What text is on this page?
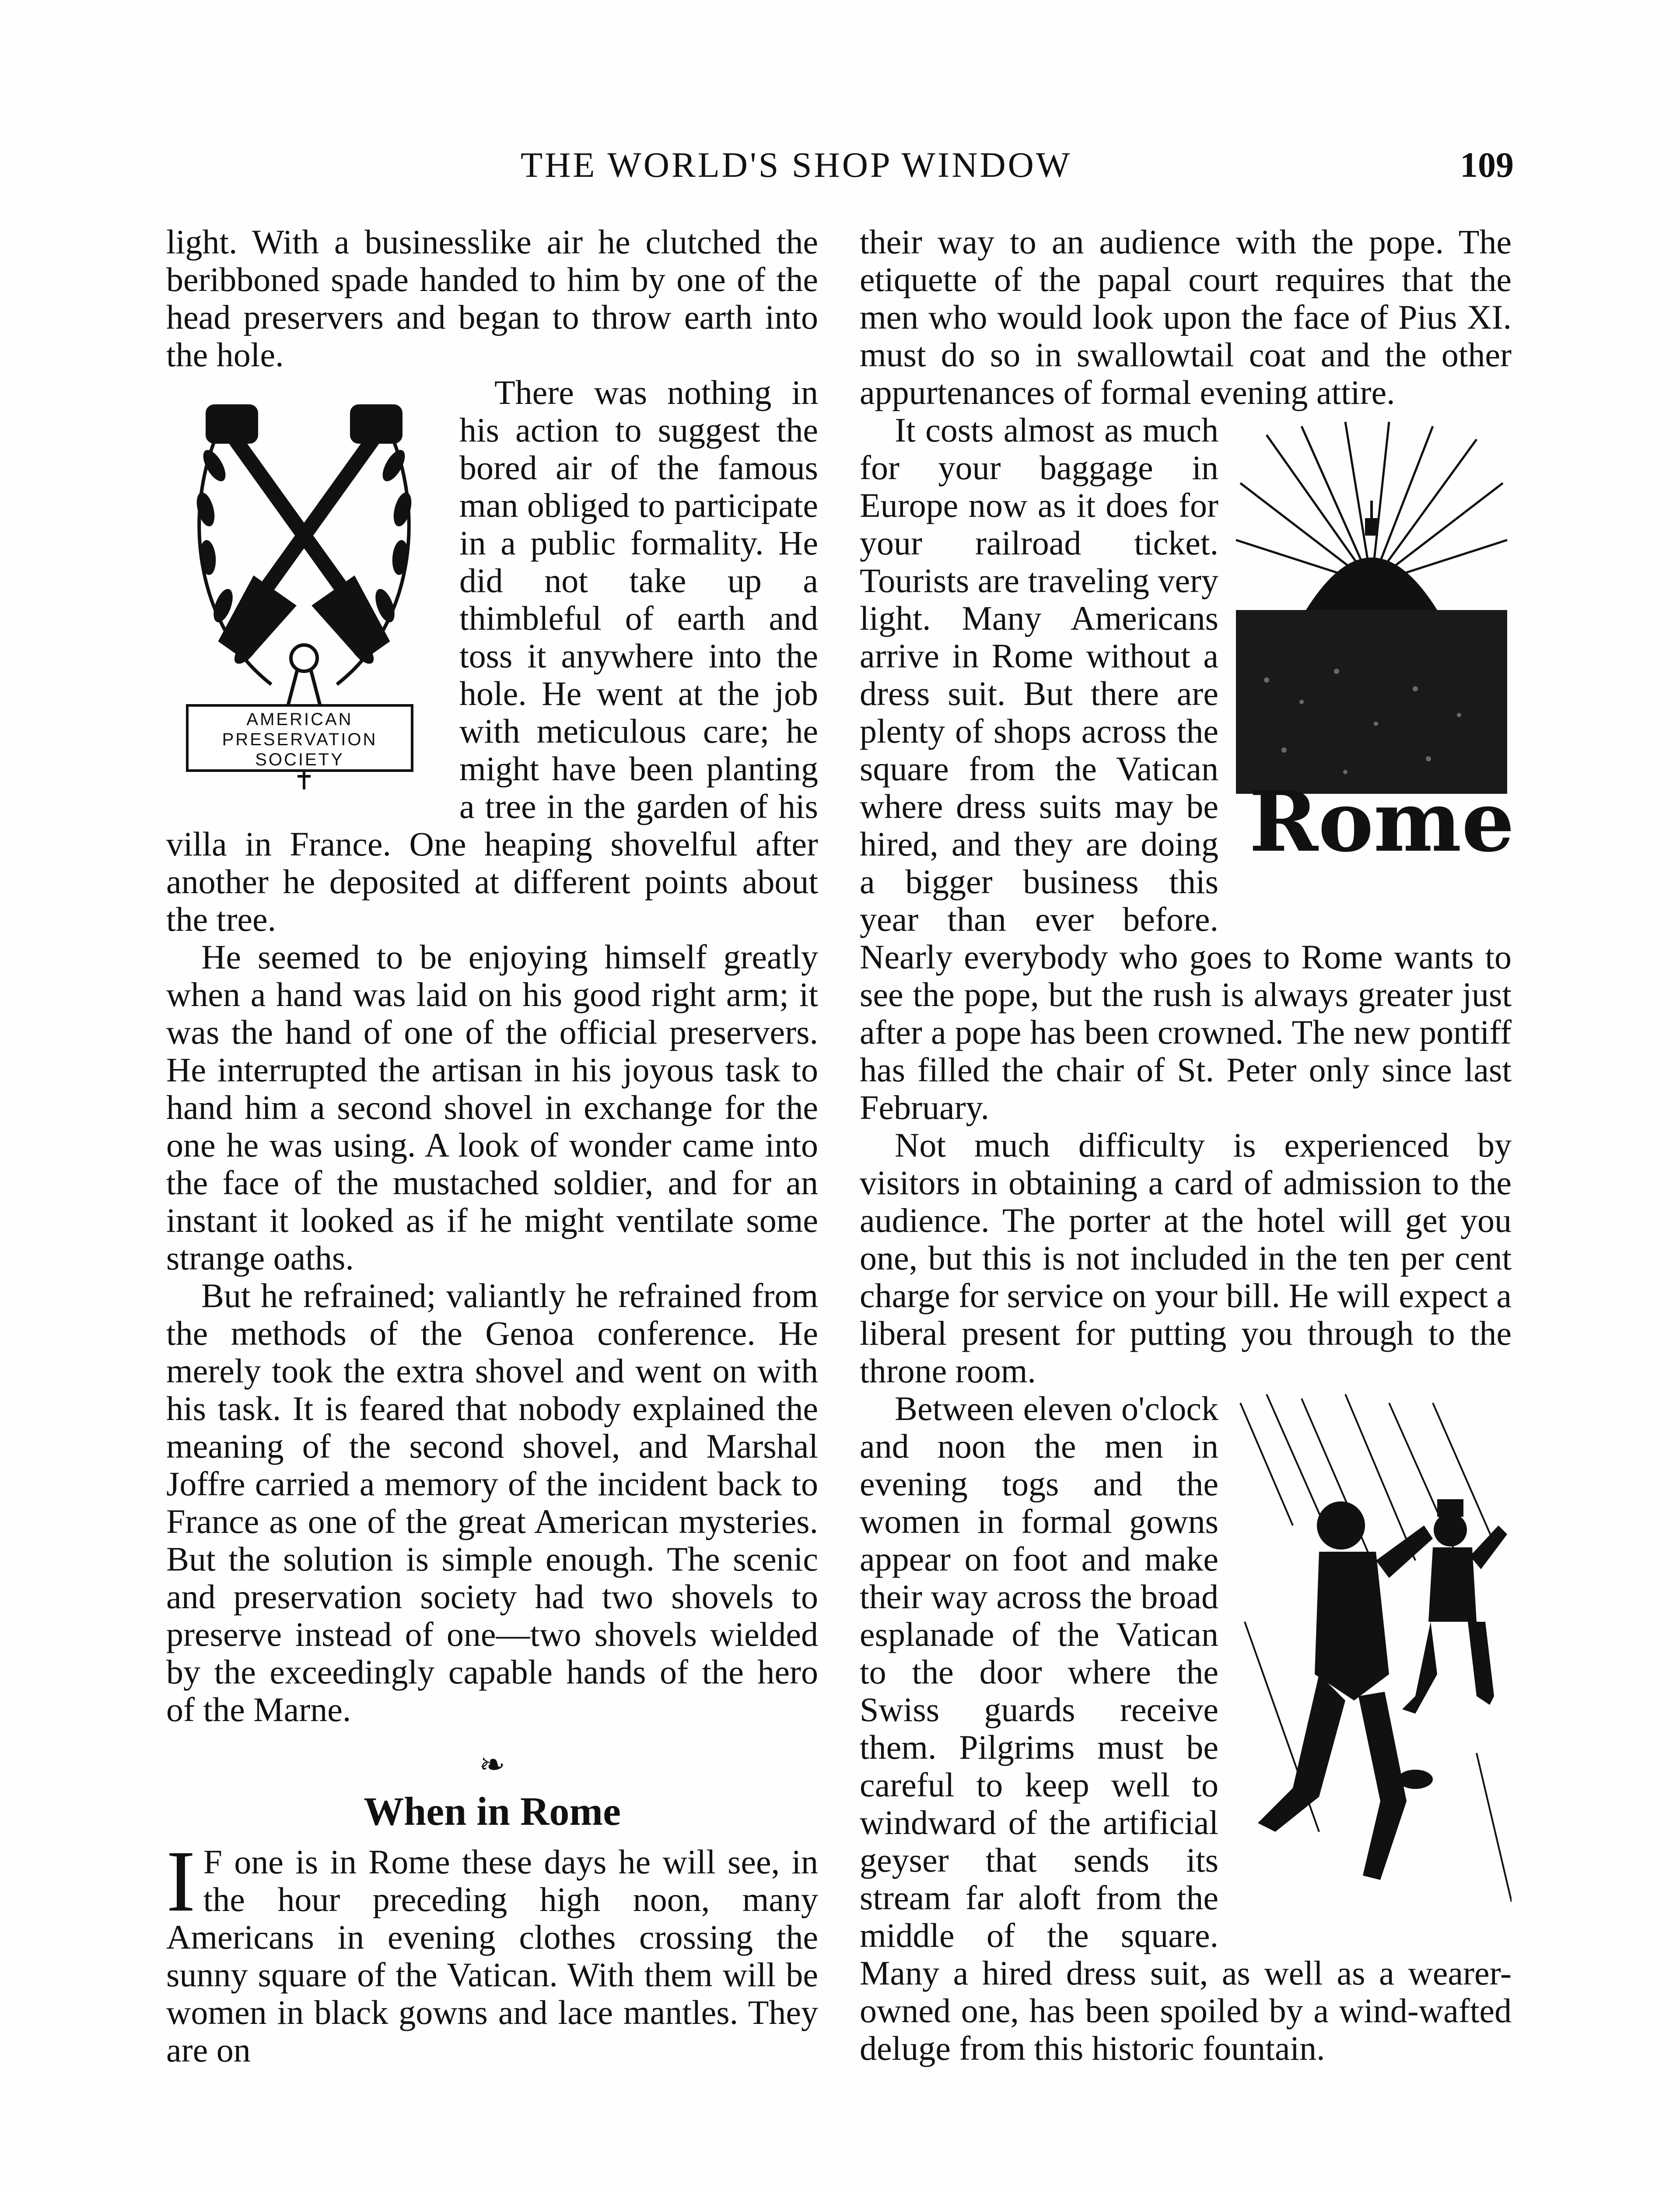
THE WORLD'S SHOP WINDOW	109

light. With a businesslike air he clutched the beribboned spade handed to him by one of the head preservers and began to throw earth into the hole.

AMERICAN
PRESERVATION
SOCIETY

There was nothing in his action to suggest the bored air of the famous man obliged to participate in a public formality. He did not take up a thimbleful of earth and toss it anywhere into the hole. He went at the job with meticulous care; he might have been planting a tree in the garden of his villa in France. One heaping shovelful after another he deposited at different points about the tree.

He seemed to be enjoying himself greatly when a hand was laid on his good right arm; it was the hand of one of the official preservers. He interrupted the artisan in his joyous task to hand him a second shovel in exchange for the one he was using. A look of wonder came into the face of the mustached soldier, and for an instant it looked as if he might ventilate some strange oaths.

But he refrained; valiantly he refrained from the methods of the Genoa conference. He merely took the extra shovel and went on with his task. It is feared that nobody explained the meaning of the second shovel, and Marshal Joffre carried a memory of the incident back to France as one of the great American mysteries. But the solution is simple enough. The scenic and preservation society had two shovels to preserve instead of one—two shovels wielded by the exceedingly capable hands of the hero of the Marne.

❧
When in Rome

I F one is in Rome these days he will see, in the hour preceding high noon, many Americans in evening clothes crossing the sunny square of the Vatican. With them will be women in black gowns and lace mantles. They are on

their way to an audience with the pope. The etiquette of the papal court requires that the men who would look upon the face of Pius XI. must do so in swallowtail coat and the other appurtenances of formal evening attire.

Rome

It costs almost as much for your baggage in Europe now as it does for your railroad ticket. Tourists are traveling very light. Many Americans arrive in Rome without a dress suit. But there are plenty of shops across the square from the Vatican where dress suits may be hired, and they are doing a bigger business this year than ever before. Nearly everybody who goes to Rome wants to see the pope, but the rush is always greater just after a pope has been crowned. The new pontiff has filled the chair of St. Peter only since last February.

Not much difficulty is experienced by visitors in obtaining a card of admission to the audience. The porter at the hotel will get you one, but this is not included in the ten per cent charge for service on your bill. He will expect a liberal present for putting you through to the throne room.

Between eleven o'clock and noon the men in evening togs and the women in formal gowns appear on foot and make their way across the broad esplanade of the Vatican to the door where the Swiss guards receive them. Pilgrims must be careful to keep well to windward of the artificial geyser that sends its stream far aloft from the middle of the square. Many a hired dress suit, as well as a wearer-owned one, has been spoiled by a wind-wafted deluge from this historic fountain.
